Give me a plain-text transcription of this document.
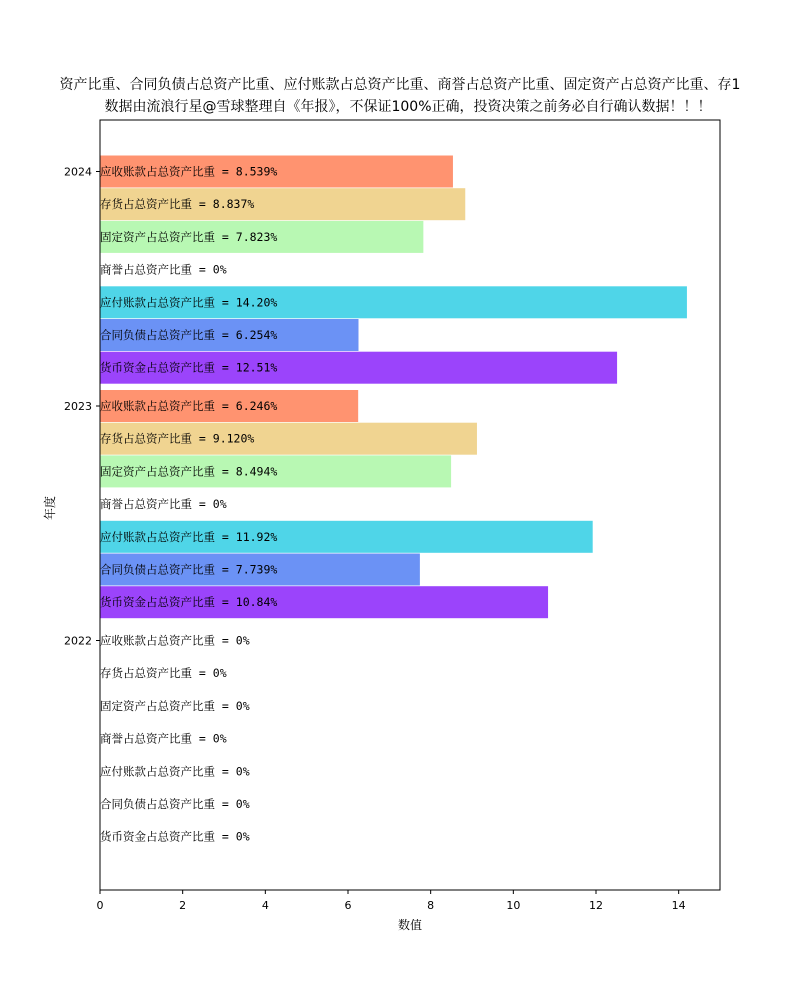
资产比重、合同负债占总资产比重、应付账款占总资产比重、商誉占总资产比重、固定资产占总资产比重、存1
数据由流浪行星@雪球整理自《年报》，不保证100%正确，投资决策之前务必自行确认数据！！！
应收账款占总资产比重 = 8.539%
存货占总资产比重 = 8.837%
固定资产占总资产比重 = 7.823%
商誉占总资产比重 = 0%
应付账款占总资产比重 = 14.20%
合同负债占总资产比重 = 6.254%
货币资金占总资产比重 = 12.51%
应收账款占总资产比重 = 6.246%
存货占总资产比重 = 9.120%
固定资产占总资产比重 = 8.494%
商誉占总资产比重 = 0%
应付账款占总资产比重 = 11.92%
合同负债占总资产比重 = 7.739%
货币资金占总资产比重 = 10.84%
应收账款占总资产比重 = 0%
存货占总资产比重 = 0%
固定资产占总资产比重 = 0%
商誉占总资产比重 = 0%
应付账款占总资产比重 = 0%
合同负债占总资产比重 = 0%
货币资金占总资产比重 = 0%
0	2	4	6	8	10	12	14
2024
2023
2022
数值
年度
